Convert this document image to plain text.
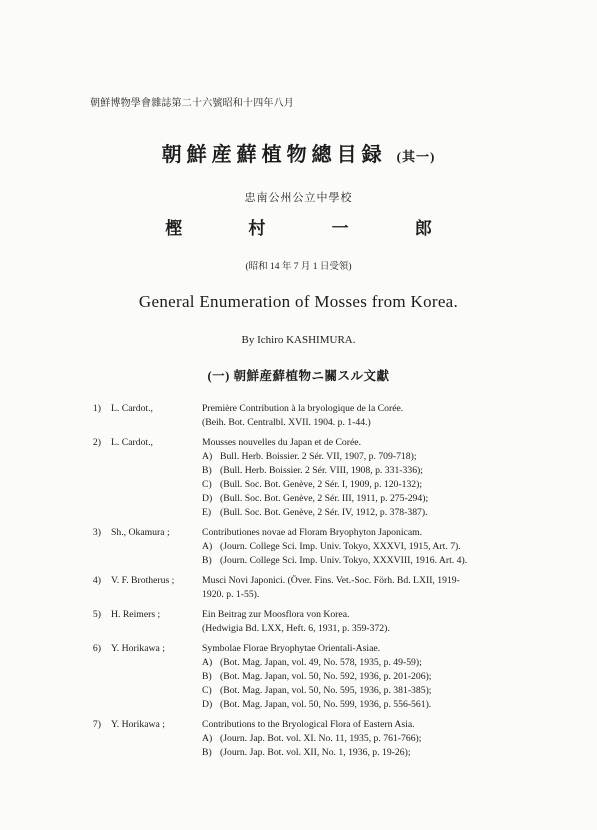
朝鮮博物學會雜誌第二十六號昭和十四年八月
朝鮮産蘚植物總目録 (其一)
忠南公州公立中學校
樫	村	一	郎
(昭和 14 年 7 月 1 日受領)
General Enumeration of Mosses from Korea.
By Ichiro KASHIMURA.
(一) 朝鮮産蘚植物ニ關スル文獻
1) L. Cardot.,	Première Contribution à la bryologique de la Corée.
(Beih. Bot. Centralbl. XVII. 1904. p. 1-44.)
2) L. Cardot.,	Mousses nouvelles du Japan et de Corée.
A) Bull. Herb. Boissier. 2 Sér. VII, 1907, p. 709-718);
B) (Bull. Herb. Boissier. 2 Sér. VIII, 1908, p. 331-336);
C) (Bull. Soc. Bot. Genève, 2 Sér. I, 1909, p. 120-132);
D) (Bull. Soc. Bot. Genève, 2 Sér. III, 1911, p. 275-294);
E) (Bull. Soc. Bot. Genève, 2 Sér. IV, 1912, p. 378-387).
3) Sh., Okamura ;	Contributiones novae ad Floram Bryophyton Japonicam.
A) (Journ. College Sci. Imp. Univ. Tokyo, XXXVI, 1915, Art. 7).
B) (Journ. College Sci. Imp. Univ. Tokyo, XXXVIII, 1916. Art. 4).
4) V. F. Brotherus ;	Musci Novi Japonici. (Över. Fins. Vet.-Soc. Förh. Bd. LXII, 1919-
1920. p. 1-55).
5) H. Reimers ;	Ein Beitrag zur Moosflora von Korea.
(Hedwigia Bd. LXX, Heft. 6, 1931, p. 359-372).
6) Y. Horikawa ;	Symbolae Florae Bryophytae Orientali-Asiae.
A) (Bot. Mag. Japan, vol. 49, No. 578, 1935, p. 49-59);
B) (Bot. Mag. Japan, vol. 50, No. 592, 1936, p. 201-206);
C) (Bot. Mag. Japan, vol. 50, No. 595, 1936, p. 381-385);
D) (Bot. Mag. Japan, vol. 50, No. 599, 1936, p. 556-561).
7) Y. Horikawa ;	Contributions to the Bryological Flora of Eastern Asia.
A) (Journ. Jap. Bot. vol. XI. No. 11, 1935, p. 761-766);
B) (Journ. Jap. Bot. vol. XII, No. 1, 1936, p. 19-26);
